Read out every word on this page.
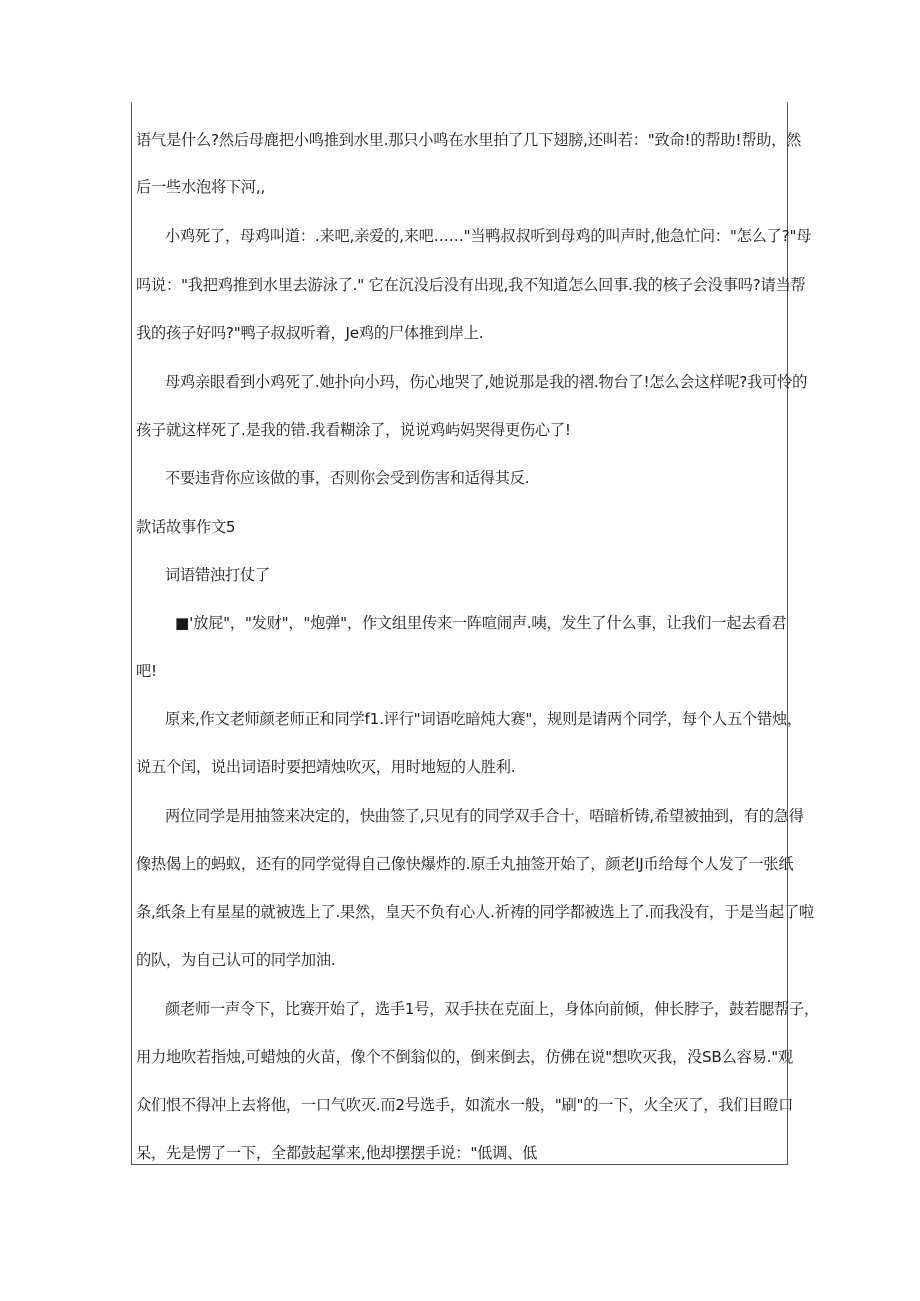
语气是什么?然后母鹿把小鸣推到水里.那只小鸣在水里拍了几下翅膀,还叫若："致命!的帮助!帮助，然
后一些水泡将下河,,
小鸡死了，母鸡叫道：.来吧,亲爱的,来吧……"当鸭叔叔听到母鸡的叫声时,他急忙问："怎么了?"母
吗说："我把鸡推到水里去游泳了." 它在沉没后没有出现,我不知道怎么回事.我的核子会没事吗?请当帮
我的孩子好吗?"鸭子叔叔听着，Je鸡的尸体推到岸上.
母鸡亲眼看到小鸡死了.她扑向小玛，伤心地哭了,她说那是我的褶.物台了!怎么会这样呢?我可怜的
孩子就这样死了.是我的错.我看糊涂了，说说鸡屿妈哭得更伤心了!
不要违背你应该做的事，否则你会受到伤害和适得其反.
款话故事作文5
词语错浊打仗了
■'放屁"，"发财"，"炮弹"，作文组里传来一阵喧闹声.咦，发生了什么事，让我们一起去看君
吧!
原来,作文老师颜老师正和同学f1.评行"词语吃暗炖大赛"，规则是请两个同学，每个人五个错烛，
说五个闰，说出词语时要把靖烛吹灭，用时地短的人胜利.
两位同学是用抽签来决定的，快曲签了,只见有的同学双手合十，唔暗析铸,希望被抽到，有的急得
像热偈上的蚂蚁，还有的同学觉得自己像快爆炸的.原壬丸抽签开始了，颜老lJ币给每个人发了一张纸
条,纸条上有星星的就被选上了.果然，皇天不负有心人.祈祷的同学都被选上了.而我没有，于是当起了啦
的队，为自己认可的同学加油.
颜老师一声令下，比赛开始了，选手1号，双手扶在克面上，身体向前倾，伸长脖子，鼓若腮帮子，
用力地吹若指烛,可蜡烛的火苗，像个不倒翁似的，倒来倒去，仿佛在说"想吹灭我，没SB么容易."观
众们恨不得冲上去将他，一口气吹灭.而2号选手，如流水一般，"刷"的一下，火全灭了，我们目瞪口
呆，先是愣了一下，全都鼓起掌来,他却摆摆手说："低调、低
